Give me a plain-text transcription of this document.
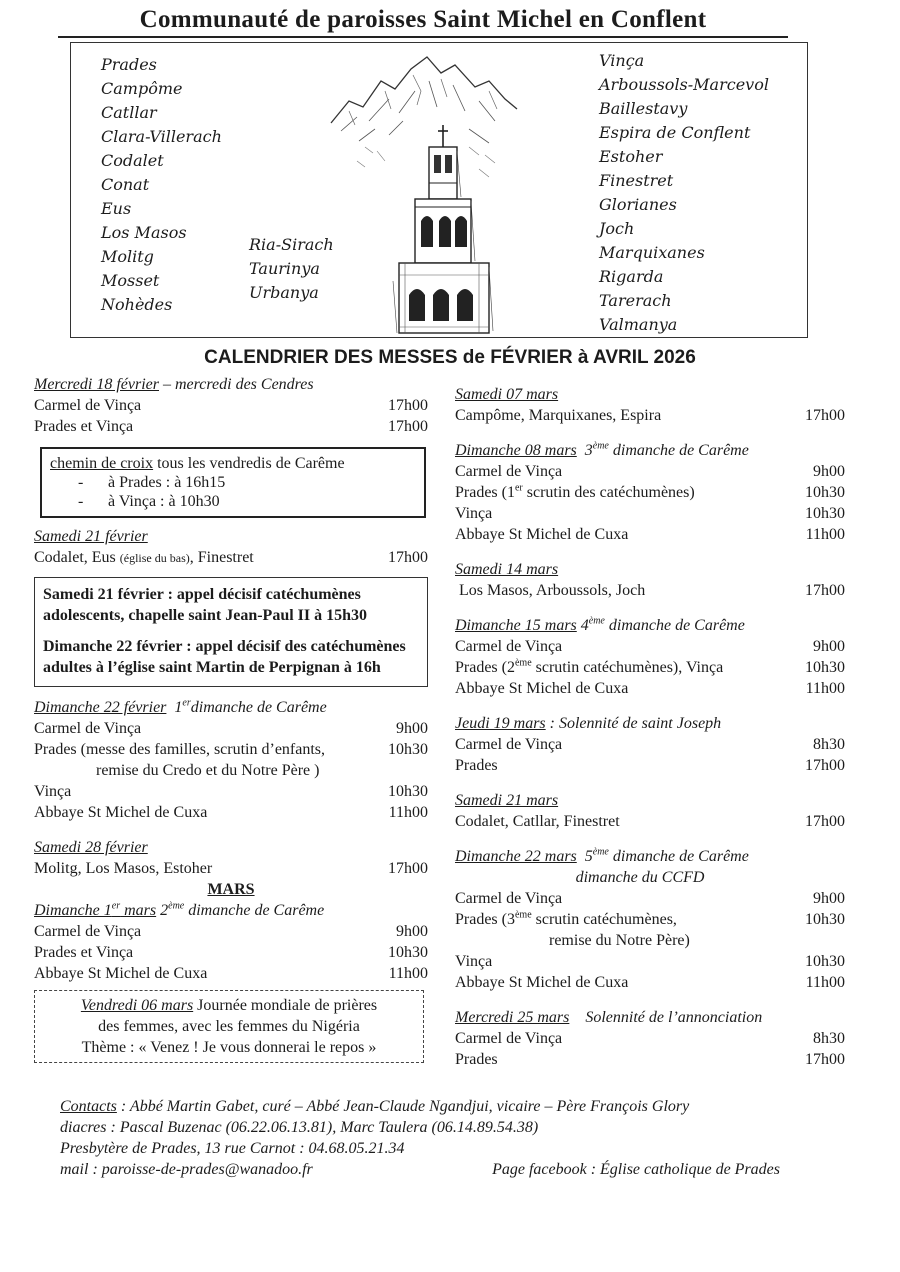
Communauté de paroisses Saint Michel en Conflent
Prades
Campôme
Catllar
Clara-Villerach
Codalet
Conat
Eus
Los Masos
Molitg
Mosset
Nohèdes
Ria-Sirach
Taurinya
Urbanya
Vinça
Arboussols-Marcevol
Baillestavy
Espira de Conflent
Estoher
Finestret
Glorianes
Joch
Marquixanes
Rigarda
Tarerach
Valmanya
CALENDRIER DES MESSES de FÉVRIER à AVRIL 2026
Mercredi 18 février – mercredi des Cendres
Carmel de Vinça	17h00
Prades et Vinça	17h00
chemin de croix tous les vendredis de Carême
- à Prades : à 16h15
- à Vinça : à 10h30
Samedi 21 février
Codalet, Eus (église du bas), Finestret	17h00

Samedi 21 février : appel décisif catéchumènes adolescents, chapelle saint Jean-Paul II à 15h30

Dimanche 22 février : appel décisif des catéchumènes adultes à l’église saint Martin de Perpignan à 16h

Dimanche 22 février 1erdimanche de Carême
Carmel de Vinça	9h00
Prades (messe des familles, scrutin d’enfants,	10h30
remise du Credo et du Notre Père )
Vinça	10h30
Abbaye St Michel de Cuxa	11h00
Samedi 28 février
Molitg, Los Masos, Estoher	17h00
MARS
Dimanche 1er mars 2ème dimanche de Carême
Carmel de Vinça	9h00
Prades et Vinça	10h30
Abbaye St Michel de Cuxa	11h00
Vendredi 06 mars Journée mondiale de prières
des femmes, avec les femmes du Nigéria
Thème : « Venez ! Je vous donnerai le repos »
Samedi 07 mars
Campôme, Marquixanes, Espira	17h00
Dimanche 08 mars 3ème dimanche de Carême
Carmel de Vinça	9h00
Prades (1er scrutin des catéchumènes)	10h30
Vinça	10h30
Abbaye St Michel de Cuxa	11h00
Samedi 14 mars
Los Masos, Arboussols, Joch	17h00
Dimanche 15 mars 4ème dimanche de Carême
Carmel de Vinça	9h00
Prades (2ème scrutin catéchumènes), Vinça	10h30
Abbaye St Michel de Cuxa	11h00
Jeudi 19 mars : Solennité de saint Joseph
Carmel de Vinça	8h30
Prades	17h00
Samedi 21 mars
Codalet, Catllar, Finestret	17h00
Dimanche 22 mars 5ème dimanche de Carême
dimanche du CCFD
Carmel de Vinça	9h00
Prades (3ème scrutin catéchumènes,	10h30
remise du Notre Père)
Vinça	10h30
Abbaye St Michel de Cuxa	11h00
Mercredi 25 mars Solennité de l’annonciation
Carmel de Vinça	8h30
Prades	17h00
Contacts : Abbé Martin Gabet, curé – Abbé Jean-Claude Ngandjui, vicaire – Père François Glory
diacres : Pascal Buzenac (06.22.06.13.81), Marc Taulera (06.14.89.54.38)
Presbytère de Prades, 13 rue Carnot : 04.68.05.21.34
mail : paroisse-de-prades@wanadoo.fr	Page facebook : Église catholique de Prades
